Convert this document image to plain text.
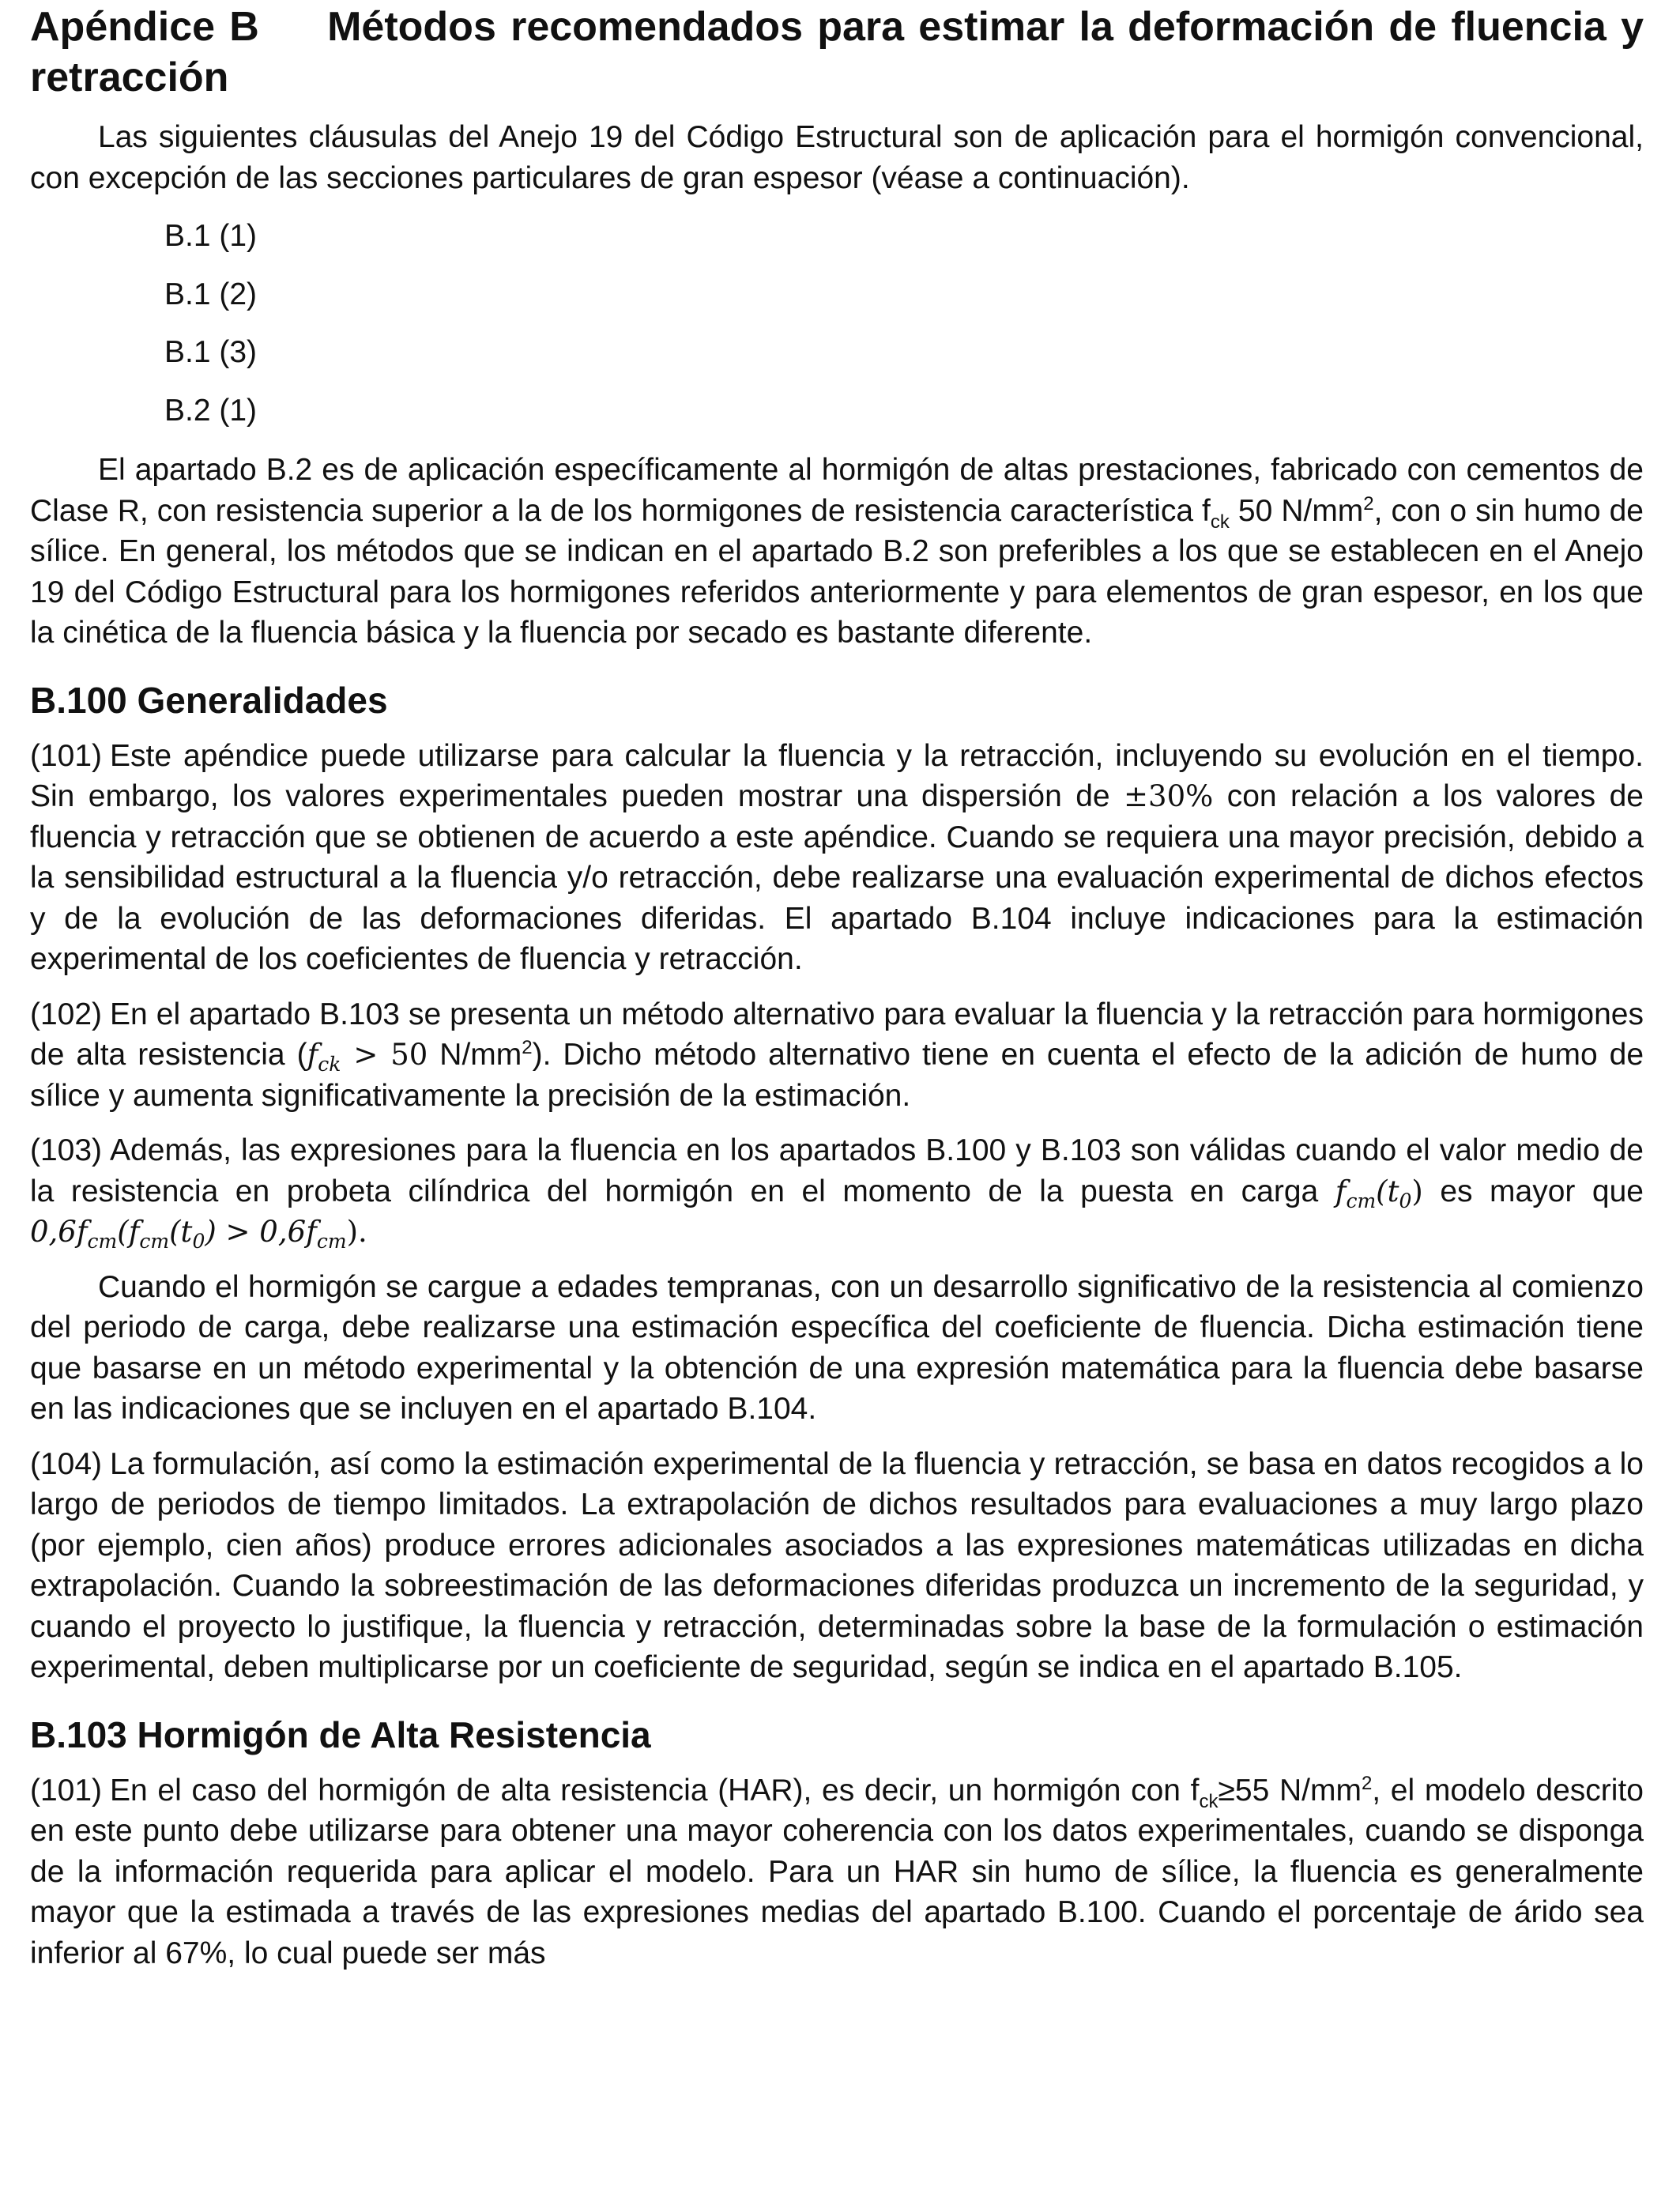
Apéndice B Métodos recomendados para estimar la deformación de fluencia y retracción

Las siguientes cláusulas del Anejo 19 del Código Estructural son de aplicación para el hormigón convencional, con excepción de las secciones particulares de gran espesor (véase a continuación).

B.1 (1)
B.1 (2)
B.1 (3)
B.2 (1)

El apartado B.2 es de aplicación específicamente al hormigón de altas prestaciones, fabricado con cementos de Clase R, con resistencia superior a la de los hormigones de resistencia característica $f_{ck}$ 50 $N/mm^2$, con o sin humo de sílice. En general, los métodos que se indican en el apartado B.2 son preferibles a los que se establecen en el Anejo 19 del Código Estructural para los hormigones referidos anteriormente y para elementos de gran espesor, en los que la cinética de la fluencia básica y la fluencia por secado es bastante diferente.

B.100 Generalidades

(101) Este apéndice puede utilizarse para calcular la fluencia y la retracción, incluyendo su evolución en el tiempo. Sin embargo, los valores experimentales pueden mostrar una dispersión de ±30% con relación a los valores de fluencia y retracción que se obtienen de acuerdo a este apéndice. Cuando se requiera una mayor precisión, debido a la sensibilidad estructural a la fluencia y/o retracción, debe realizarse una evaluación experimental de dichos efectos y de la evolución de las deformaciones diferidas. El apartado B.104 incluye indicaciones para la estimación experimental de los coeficientes de fluencia y retracción.

(102) En el apartado B.103 se presenta un método alternativo para evaluar la fluencia y la retracción para hormigones de alta resistencia ($f_{ck} > 50$ $N/mm^2$). Dicho método alternativo tiene en cuenta el efecto de la adición de humo de sílice y aumenta significativamente la precisión de la estimación.

(103) Además, las expresiones para la fluencia en los apartados B.100 y B.103 son válidas cuando el valor medio de la resistencia en probeta cilíndrica del hormigón en el momento de la puesta en carga $f_{cm}(t_0)$ es mayor que $0,6f_{cm}(f_{cm}(t_0) > 0,6f_{cm})$.

Cuando el hormigón se cargue a edades tempranas, con un desarrollo significativo de la resistencia al comienzo del periodo de carga, debe realizarse una estimación específica del coeficiente de fluencia. Dicha estimación tiene que basarse en un método experimental y la obtención de una expresión matemática para la fluencia debe basarse en las indicaciones que se incluyen en el apartado B.104.

(104) La formulación, así como la estimación experimental de la fluencia y retracción, se basa en datos recogidos a lo largo de periodos de tiempo limitados. La extrapolación de dichos resultados para evaluaciones a muy largo plazo (por ejemplo, cien años) produce errores adicionales asociados a las expresiones matemáticas utilizadas en dicha extrapolación. Cuando la sobreestimación de las deformaciones diferidas produzca un incremento de la seguridad, y cuando el proyecto lo justifique, la fluencia y retracción, determinadas sobre la base de la formulación o estimación experimental, deben multiplicarse por un coeficiente de seguridad, según se indica en el apartado B.105.

B.103 Hormigón de Alta Resistencia

(101) En el caso del hormigón de alta resistencia (HAR), es decir, un hormigón con $f_{ck}\ge 55$ $N/mm^2$, el modelo descrito en este punto debe utilizarse para obtener una mayor coherencia con los datos experimentales, cuando se disponga de la información requerida para aplicar el modelo. Para un HAR sin humo de sílice, la fluencia es generalmente mayor que la estimada a través de las expresiones medias del apartado B.100. Cuando el porcentaje de árido sea inferior al 67%, lo cual puede ser más
